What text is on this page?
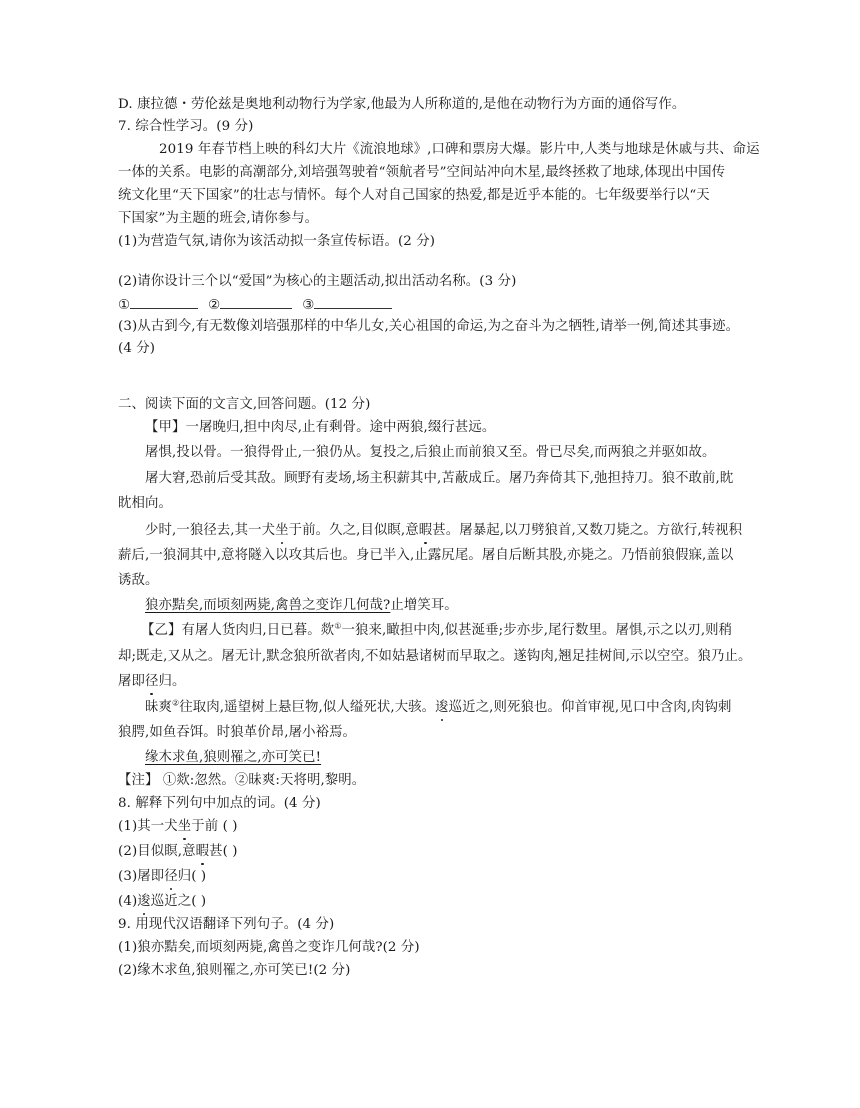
D. 康拉德・劳伦兹是奥地利动物行为学家,他最为人所称道的,是他在动物行为方面的通俗写作。
7. 综合性学习。(9 分)
2019 年春节档上映的科幻大片《流浪地球》,口碑和票房大爆。影片中,人类与地球是休戚与共、命运
一体的关系。电影的高潮部分,刘培强驾驶着“领航者号”空间站冲向木星,最终拯救了地球,体现出中国传
统文化里“天下国家”的壮志与情怀。每个人对自己国家的热爱,都是近乎本能的。七年级要举行以“天
下国家”为主题的班会,请你参与。
(1)为营造气氛,请你为该活动拟一条宣传标语。(2 分)
(2)请你设计三个以“爱国”为核心的主题活动,拟出活动名称。(3 分)
①	②	③
(3)从古到今,有无数像刘培强那样的中华儿女,关心祖国的命运,为之奋斗为之牺牲,请举一例,简述其事迹。
(4 分)
二、阅读下面的文言文,回答问题。(12 分)
【甲】一屠晚归,担中肉尽,止有剩骨。途中两狼,缀行甚远。
屠惧,投以骨。一狼得骨止,一狼仍从。复投之,后狼止而前狼又至。骨已尽矣,而两狼之并驱如故。
屠大窘,恐前后受其敌。顾野有麦场,场主积薪其中,苫蔽成丘。屠乃奔倚其下,弛担持刀。狼不敢前,眈
眈相向。
少时,一狼径去,其一犬坐于前。久之,目似瞑,意暇甚。屠暴起,以刀劈狼首,又数刀毙之。方欲行,转视积
薪后,一狼洞其中,意将隧入以攻其后也。身已半入,止露尻尾。屠自后断其股,亦毙之。乃悟前狼假寐,盖以
诱敌。
狼亦黠矣,而顷刻两毙,禽兽之变诈几何哉?止增笑耳。
【乙】有屠人货肉归,日已暮。欻①一狼来,瞰担中肉,似甚涎垂;步亦步,尾行数里。屠惧,示之以刃,则稍
却;既走,又从之。屠无计,默念狼所欲者肉,不如姑悬诸树而早取之。遂钩肉,翘足挂树间,示以空空。狼乃止。
屠即径归。
昧爽②往取肉,遥望树上悬巨物,似人缢死状,大骇。逡巡近之,则死狼也。仰首审视,见口中含肉,肉钩刺
狼腭,如鱼吞饵。时狼革价昂,屠小裕焉。
缘木求鱼,狼则罹之,亦可笑已!
【注】 ①欻:忽然。②昧爽:天将明,黎明。
8. 解释下列句中加点的词。(4 分)
(1)其一犬坐于前 ( )
(2)目似瞑,意暇甚( )
(3)屠即径归( )
(4)逡巡近之( )
9. 用现代汉语翻译下列句子。(4 分)
(1)狼亦黠矣,而顷刻两毙,禽兽之变诈几何哉?(2 分)
(2)缘木求鱼,狼则罹之,亦可笑已!(2 分)
